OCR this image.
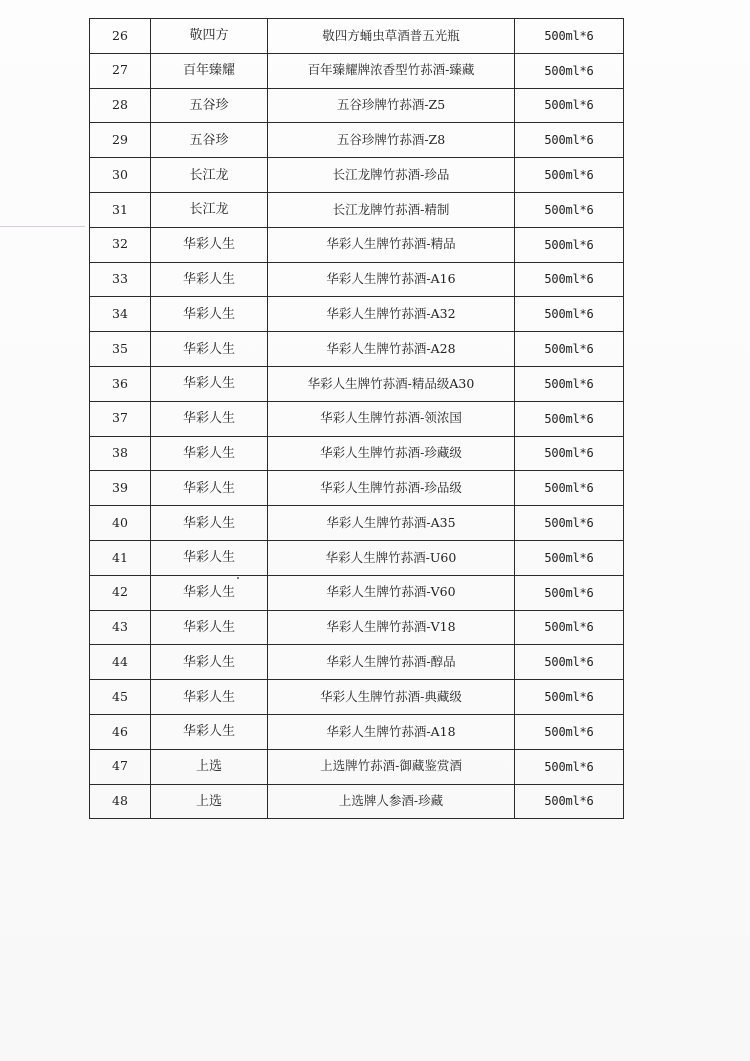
26	敬四方	敬四方蛹虫草酒普五光瓶	500ml*6
27	百年臻耀	百年臻耀牌浓香型竹荪酒-臻藏	500ml*6
28	五谷珍	五谷珍牌竹荪酒-Z5	500ml*6
29	五谷珍	五谷珍牌竹荪酒-Z8	500ml*6
30	长江龙	长江龙牌竹荪酒-珍品	500ml*6
31	长江龙	长江龙牌竹荪酒-精制	500ml*6
32	华彩人生	华彩人生牌竹荪酒-精品	500ml*6
33	华彩人生	华彩人生牌竹荪酒-A16	500ml*6
34	华彩人生	华彩人生牌竹荪酒-A32	500ml*6
35	华彩人生	华彩人生牌竹荪酒-A28	500ml*6
36	华彩人生	华彩人生牌竹荪酒-精品级A30	500ml*6
37	华彩人生	华彩人生牌竹荪酒-领浓国	500ml*6
38	华彩人生	华彩人生牌竹荪酒-珍藏级	500ml*6
39	华彩人生	华彩人生牌竹荪酒-珍品级	500ml*6
40	华彩人生	华彩人生牌竹荪酒-A35	500ml*6
41	华彩人生	华彩人生牌竹荪酒-U60	500ml*6
42	华彩人生	华彩人生牌竹荪酒-V60	500ml*6
43	华彩人生	华彩人生牌竹荪酒-V18	500ml*6
44	华彩人生	华彩人生牌竹荪酒-醇品	500ml*6
45	华彩人生	华彩人生牌竹荪酒-典藏级	500ml*6
46	华彩人生	华彩人生牌竹荪酒-A18	500ml*6
47	上选	上选牌竹荪酒-御藏鉴赏酒	500ml*6
48	上选	上选牌人参酒-珍藏	500ml*6
